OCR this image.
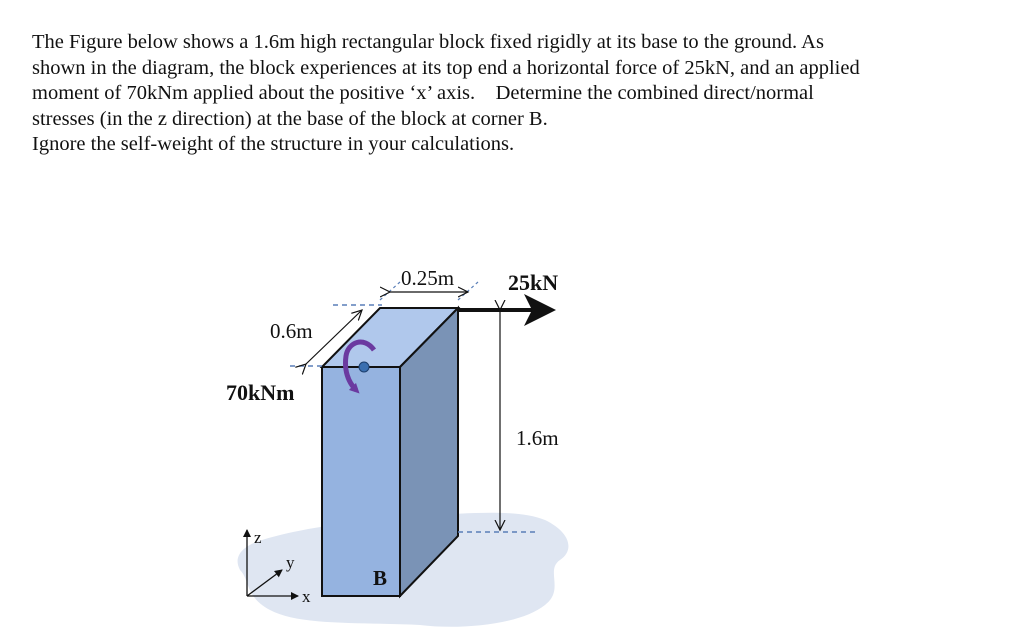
The Figure below shows a 1.6m high rectangular block fixed rigidly at its base to the ground. As
shown in the diagram, the block experiences at its top end a horizontal force of 25kN, and an applied
moment of 70kNm applied about the positive ‘x’ axis.    Determine the combined direct/normal
stresses (in the z direction) at the base of the block at corner B.
Ignore the self-weight of the structure in your calculations.
0.25m
0.6m
1.6m
25kN
70kNm
B
z
y
x
